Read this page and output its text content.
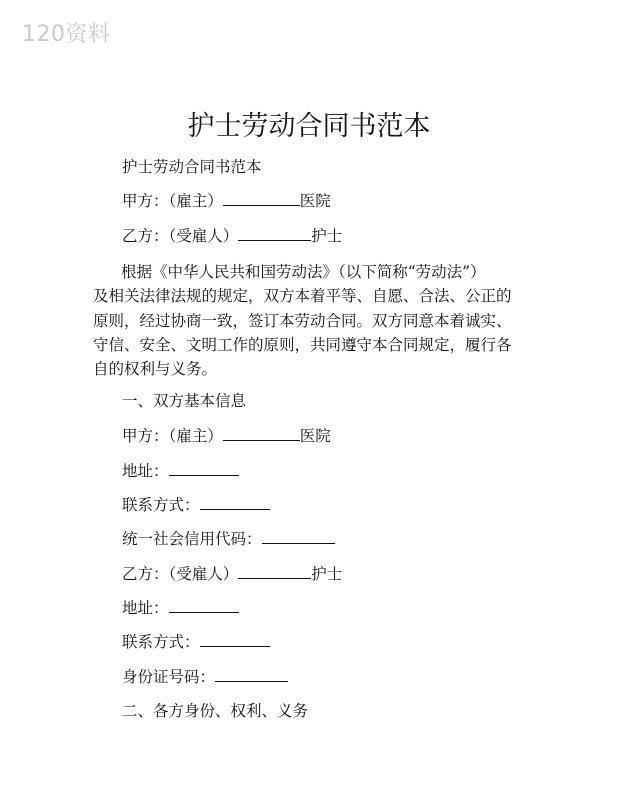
120资料
护士劳动合同书范本
护士劳动合同书范本
甲方：（雇主）	医院
乙方：（受雇人）	护士
根据《中华人民共和国劳动法》（以下简称“劳动法”）
及相关法律法规的规定，双方本着平等、自愿、合法、公正的
原则，经过协商一致，签订本劳动合同。双方同意本着诚实、
守信、安全、文明工作的原则，共同遵守本合同规定，履行各
自的权利与义务。
一、双方基本信息
甲方：（雇主）	医院
地址：
联系方式：
统一社会信用代码：
乙方：（受雇人）	护士
地址：
联系方式：
身份证号码：
二、各方身份、权利、义务
